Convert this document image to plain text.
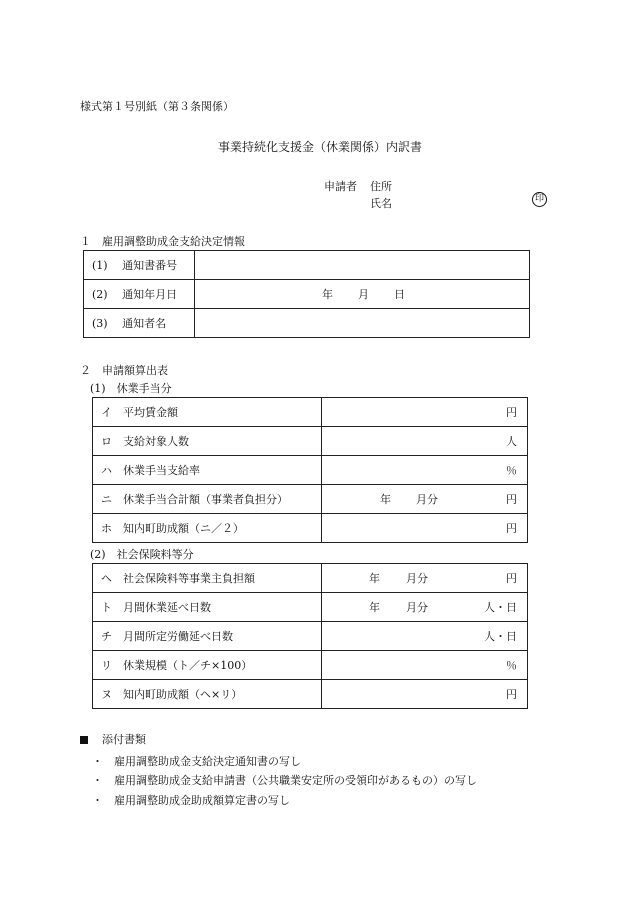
様式第１号別紙（第３条関係）
事業持続化支援金（休業関係）内訳書
申請者 住所
氏名	印
１　雇用調整助成金支給決定情報
(1)　 通知書番号	
(2)　 通知年月日	年 月 日

(3)　 通知者名	
２　申請額算出表
(1)　休業手当分
イ　平均賃金額	円

ロ　支給対象人数	人

ハ　休業手当支給率	％

ニ　休業手当合計額（事業者負担分）	年 月分 円

ホ　知内町助成額（ニ／２）	円
(2)　社会保険料等分
ヘ　社会保険料等事業主負担額	年 月分 円

ト　月間休業延べ日数	年 月分 人・日

チ　月間所定労働延べ日数	人・日

リ　休業規模（ト／チ×100）	％

ヌ　知内町助成額（ヘ×リ）	円
添付書類
・　雇用調整助成金支給決定通知書の写し
・　雇用調整助成金支給申請書（公共職業安定所の受領印があるもの）の写し
・　雇用調整助成金助成額算定書の写し
